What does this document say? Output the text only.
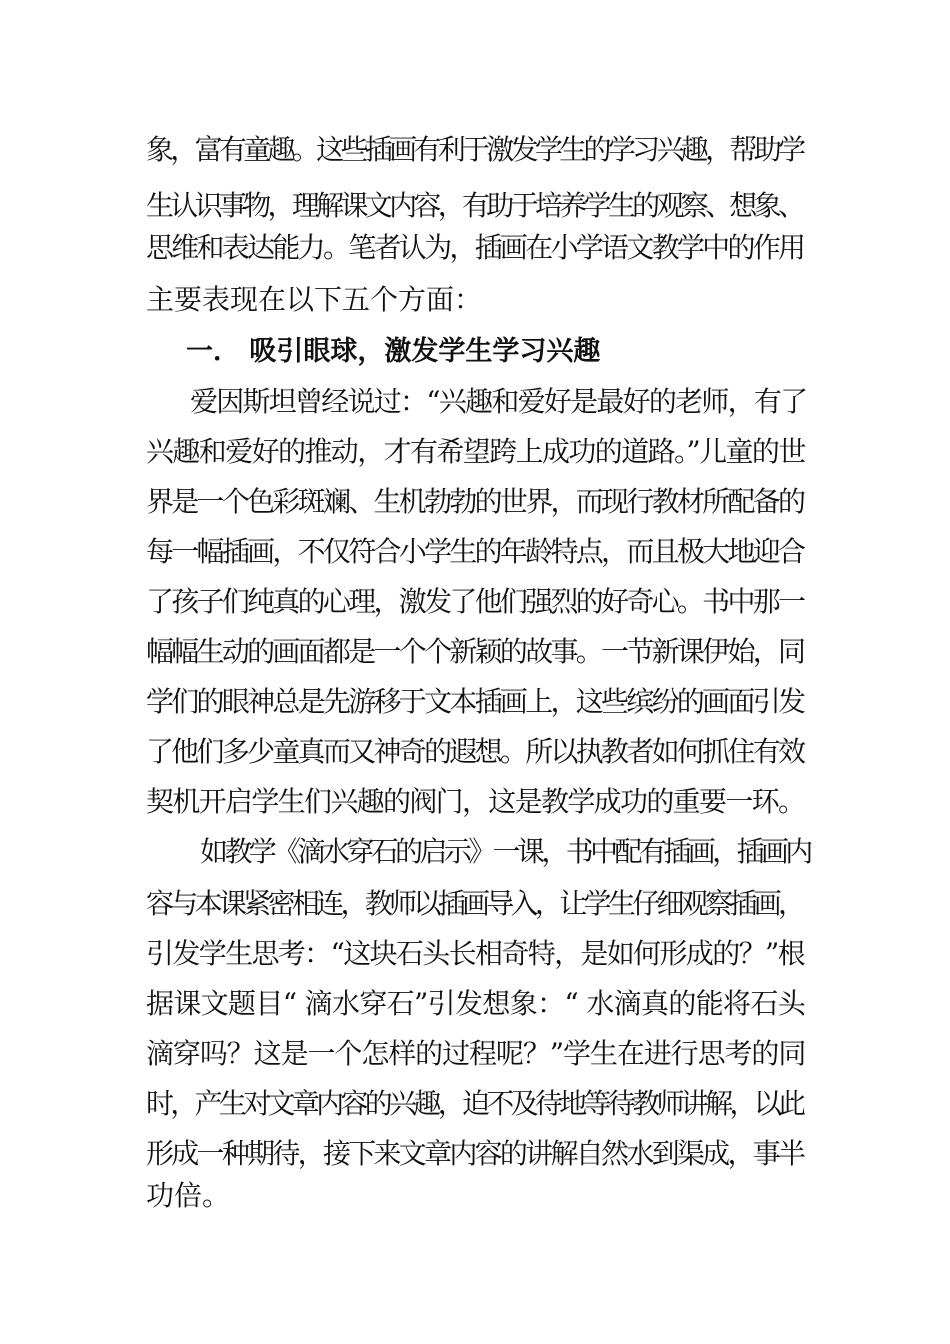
象，富有童趣。这些插画有利于激发学生的学习兴趣，帮助学
生认识事物，理解课文内容，有助于培养学生的观察、想象、
思维和表达能力。笔者认为，插画在小学语文教学中的作用
主要表现在以下五个方面：
一． 吸引眼球，激发学生学习兴趣
爱因斯坦曾经说过：“兴趣和爱好是最好的老师，有了
兴趣和爱好的推动，才有希望跨上成功的道路。”儿童的世
界是一个色彩斑斓、生机勃勃的世界，而现行教材所配备的
每一幅插画，不仅符合小学生的年龄特点，而且极大地迎合
了孩子们纯真的心理，激发了他们强烈的好奇心。书中那一
幅幅生动的画面都是一个个新颖的故事。一节新课伊始，同
学们的眼神总是先游移于文本插画上，这些缤纷的画面引发
了他们多少童真而又神奇的遐想。所以执教者如何抓住有效
契机开启学生们兴趣的阀门，这是教学成功的重要一环。
如教学《滴水穿石的启示》一课，书中配有插画，插画内
容与本课紧密相连，教师以插画导入，让学生仔细观察插画，
引发学生思考：“这块石头长相奇特，是如何形成的？”根
据课文题目“ 滴水穿石”引发想象：“ 水滴真的能将石头
滴穿吗？这是一个怎样的过程呢？”学生在进行思考的同
时，产生对文章内容的兴趣，迫不及待地等待教师讲解，以此
形成一种期待，接下来文章内容的讲解自然水到渠成，事半
功倍。
